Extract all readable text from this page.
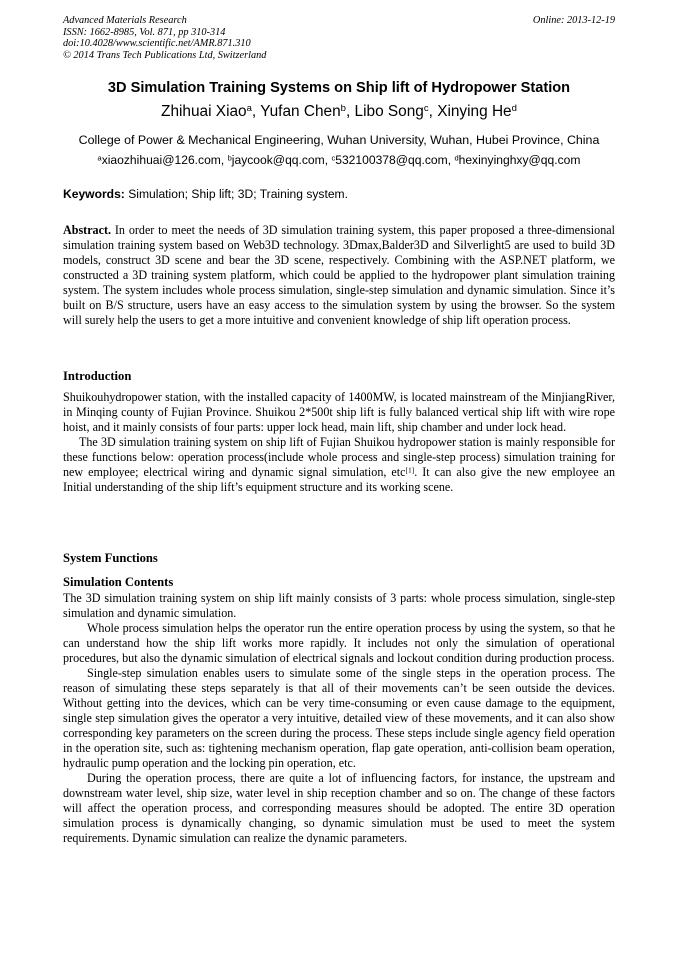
Advanced Materials Research
ISSN: 1662-8985, Vol. 871, pp 310-314
doi:10.4028/www.scientific.net/AMR.871.310
© 2014 Trans Tech Publications Ltd, Switzerland
Online: 2013-12-19
3D Simulation Training Systems on Ship lift of Hydropower Station
Zhihuai Xiao$^a$, Yufan Chen$^b$, Libo Song$^c$, Xinying He$^d$
College of Power & Mechanical Engineering, Wuhan University, Wuhan, Hubei Province, China
$^a$xiaozhihuai@126.com, $^b$jaycook@qq.com, $^c$532100378@qq.com, $^d$hexinyinghxy@qq.com
Keywords: Simulation; Ship lift; 3D; Training system.

Abstract. In order to meet the needs of 3D simulation training system, this paper proposed a three-dimensional simulation training system based on Web3D technology. 3Dmax,Balder3D and Silverlight5 are used to build 3D models, construct 3D scene and bear the 3D scene, respectively. Combining with the ASP.NET platform, we constructed a 3D training system platform, which could be applied to the hydropower plant simulation training system. The system includes whole process simulation, single-step simulation and dynamic simulation. Since it’s built on B/S structure, users have an easy access to the simulation system by using the browser. So the system will surely help the users to get a more intuitive and convenient knowledge of ship lift operation process.

Introduction

Shuikouhydropower station, with the installed capacity of 1400MW, is located mainstream of the MinjiangRiver, in Minqing county of Fujian Province. Shuikou 2*500t ship lift is fully balanced vertical ship lift with wire rope hoist, and it mainly consists of four parts: upper lock head, main lift, ship chamber and under lock head.

The 3D simulation training system on ship lift of Fujian Shuikou hydropower station is mainly responsible for these functions below: operation process(include whole process and single-step process) simulation training for new employee; electrical wiring and dynamic signal simulation, etc[1]. It can also give the new employee an Initial understanding of the ship lift’s equipment structure and its working scene.

System Functions
Simulation Contents

The 3D simulation training system on ship lift mainly consists of 3 parts: whole process simulation, single-step simulation and dynamic simulation.

Whole process simulation helps the operator run the entire operation process by using the system, so that he can understand how the ship lift works more rapidly. It includes not only the simulation of operational procedures, but also the dynamic simulation of electrical signals and lockout condition during production process.

Single-step simulation enables users to simulate some of the single steps in the operation process. The reason of simulating these steps separately is that all of their movements can’t be seen outside the devices. Without getting into the devices, which can be very time-consuming or even cause damage to the equipment, single step simulation gives the operator a very intuitive, detailed view of these movements, and it can also show corresponding key parameters on the screen during the process. These steps include single agency field operation in the operation site, such as: tightening mechanism operation, flap gate operation, anti-collision beam operation, hydraulic pump operation and the locking pin operation, etc.

During the operation process, there are quite a lot of influencing factors, for instance, the upstream and downstream water level, ship size, water level in ship reception chamber and so on. The change of these factors will affect the operation process, and corresponding measures should be adopted. The entire 3D operation simulation process is dynamically changing, so dynamic simulation must be used to meet the system requirements. Dynamic simulation can realize the dynamic parameters.
